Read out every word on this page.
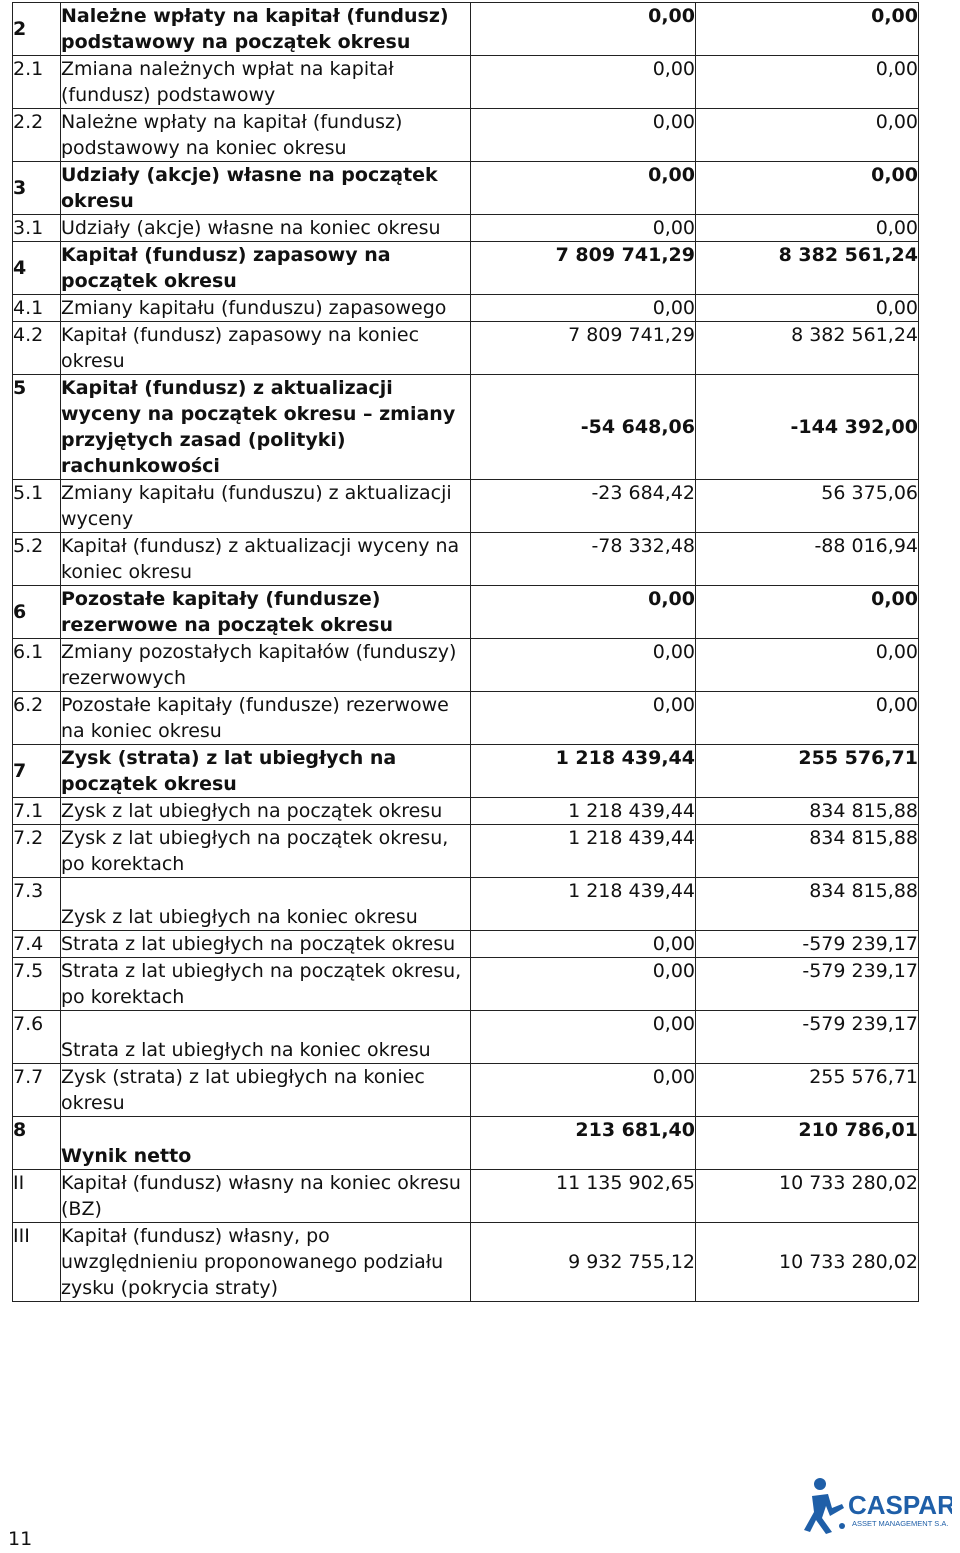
2	Należne wpłaty na kapitał (fundusz) podstawowy na początek okresu	0,00	0,00
2.1	Zmiana należnych wpłat na kapitał (fundusz) podstawowy	0,00	0,00
2.2	Należne wpłaty na kapitał (fundusz) podstawowy na koniec okresu	0,00	0,00
3	Udziały (akcje) własne na początek okresu	0,00	0,00
3.1	Udziały (akcje) własne na koniec okresu	0,00	0,00
4	Kapitał (fundusz) zapasowy na początek okresu	7 809 741,29	8 382 561,24
4.1	Zmiany kapitału (funduszu) zapasowego	0,00	0,00
4.2	Kapitał (fundusz) zapasowy na koniec okresu	7 809 741,29	8 382 561,24
5	Kapitał (fundusz) z aktualizacji wyceny na początek okresu – zmiany przyjętych zasad (polityki) rachunkowości	-54 648,06	-144 392,00
5.1	Zmiany kapitału (funduszu) z aktualizacji wyceny	-23 684,42	56 375,06
5.2	Kapitał (fundusz) z aktualizacji wyceny na koniec okresu	-78 332,48	-88 016,94
6	Pozostałe kapitały (fundusze) rezerwowe na początek okresu	0,00	0,00
6.1	Zmiany pozostałych kapitałów (funduszy) rezerwowych	0,00	0,00
6.2	Pozostałe kapitały (fundusze) rezerwowe na koniec okresu	0,00	0,00
7	Zysk (strata) z lat ubiegłych na początek okresu	1 218 439,44	255 576,71
7.1	Zysk z lat ubiegłych na początek okresu	1 218 439,44	834 815,88
7.2	Zysk z lat ubiegłych na początek okresu, po korektach	1 218 439,44	834 815,88
7.3	Zysk z lat ubiegłych na koniec okresu	1 218 439,44	834 815,88
7.4	Strata z lat ubiegłych na początek okresu	0,00	-579 239,17
7.5	Strata z lat ubiegłych na początek okresu, po korektach	0,00	-579 239,17
7.6	Strata z lat ubiegłych na koniec okresu	0,00	-579 239,17
7.7	Zysk (strata) z lat ubiegłych na koniec okresu	0,00	255 576,71
8	Wynik netto	213 681,40	210 786,01
II	Kapitał (fundusz) własny na koniec okresu (BZ)	11 135 902,65	10 733 280,02
III	Kapitał (fundusz) własny, po uwzględnieniu proponowanego podziału zysku (pokrycia straty)	9 932 755,12	10 733 280,02
11
CASPAR
ASSET MANAGEMENT S.A.
